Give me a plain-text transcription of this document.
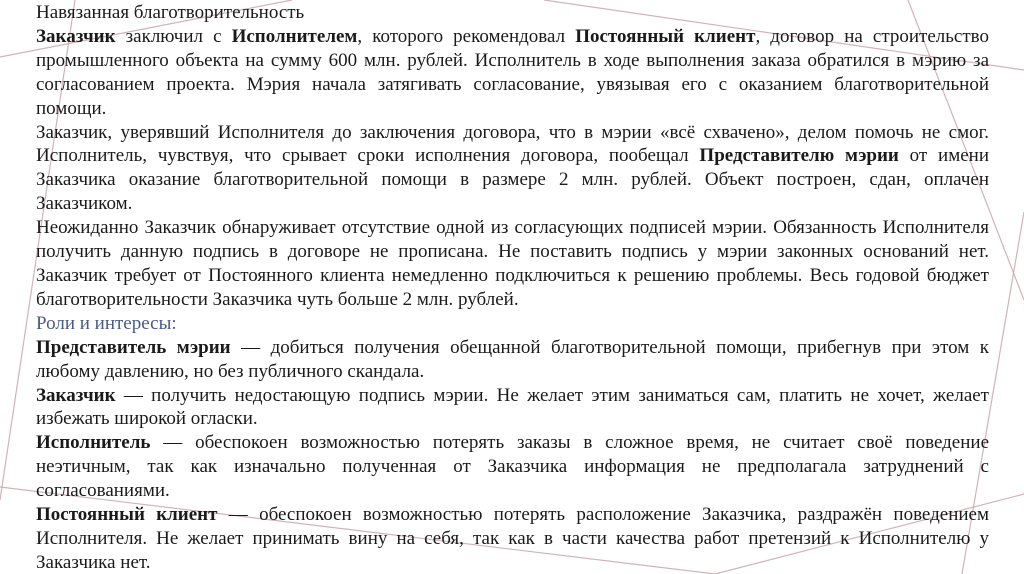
Навязанная благотворительность

Заказчик заключил с Исполнителем, которого рекомендовал Постоянный клиент, договор на строительство промышленного объекта на сумму 600 млн. рублей. Исполнитель в ходе выполнения заказа обратился в мэрию за согласованием проекта. Мэрия начала затягивать согласование, увязывая его с оказанием благотворительной помощи.

Заказчик, уверявший Исполнителя до заключения договора, что в мэрии «всё схвачено», делом помочь не смог. Исполнитель, чувствуя, что срывает сроки исполнения договора, пообещал Представителю мэрии от имени Заказчика оказание благотворительной помощи в размере 2 млн. рублей. Объект построен, сдан, оплачен Заказчиком.

Неожиданно Заказчик обнаруживает отсутствие одной из согласующих подписей мэрии. Обязанность Исполнителя получить данную подпись в договоре не прописана. Не поставить подпись у мэрии законных оснований нет. Заказчик требует от Постоянного клиента немедленно подключиться к решению проблемы. Весь годовой бюджет благотворительности Заказчика чуть больше 2 млн. рублей.

Роли и интересы:

Представитель мэрии — добиться получения обещанной благотворительной помощи, прибегнув при этом к любому давлению, но без публичного скандала.

Заказчик — получить недостающую подпись мэрии. Не желает этим заниматься сам, платить не хочет, желает избежать широкой огласки.

Исполнитель — обеспокоен возможностью потерять заказы в сложное время, не считает своё поведение неэтичным, так как изначально полученная от Заказчика информация не предполагала затруднений с согласованиями.

Постоянный клиент — обеспокоен возможностью потерять расположение Заказчика, раздражён поведением Исполнителя. Не желает принимать вину на себя, так как в части качества работ претензий к Исполнителю у Заказчика нет.
